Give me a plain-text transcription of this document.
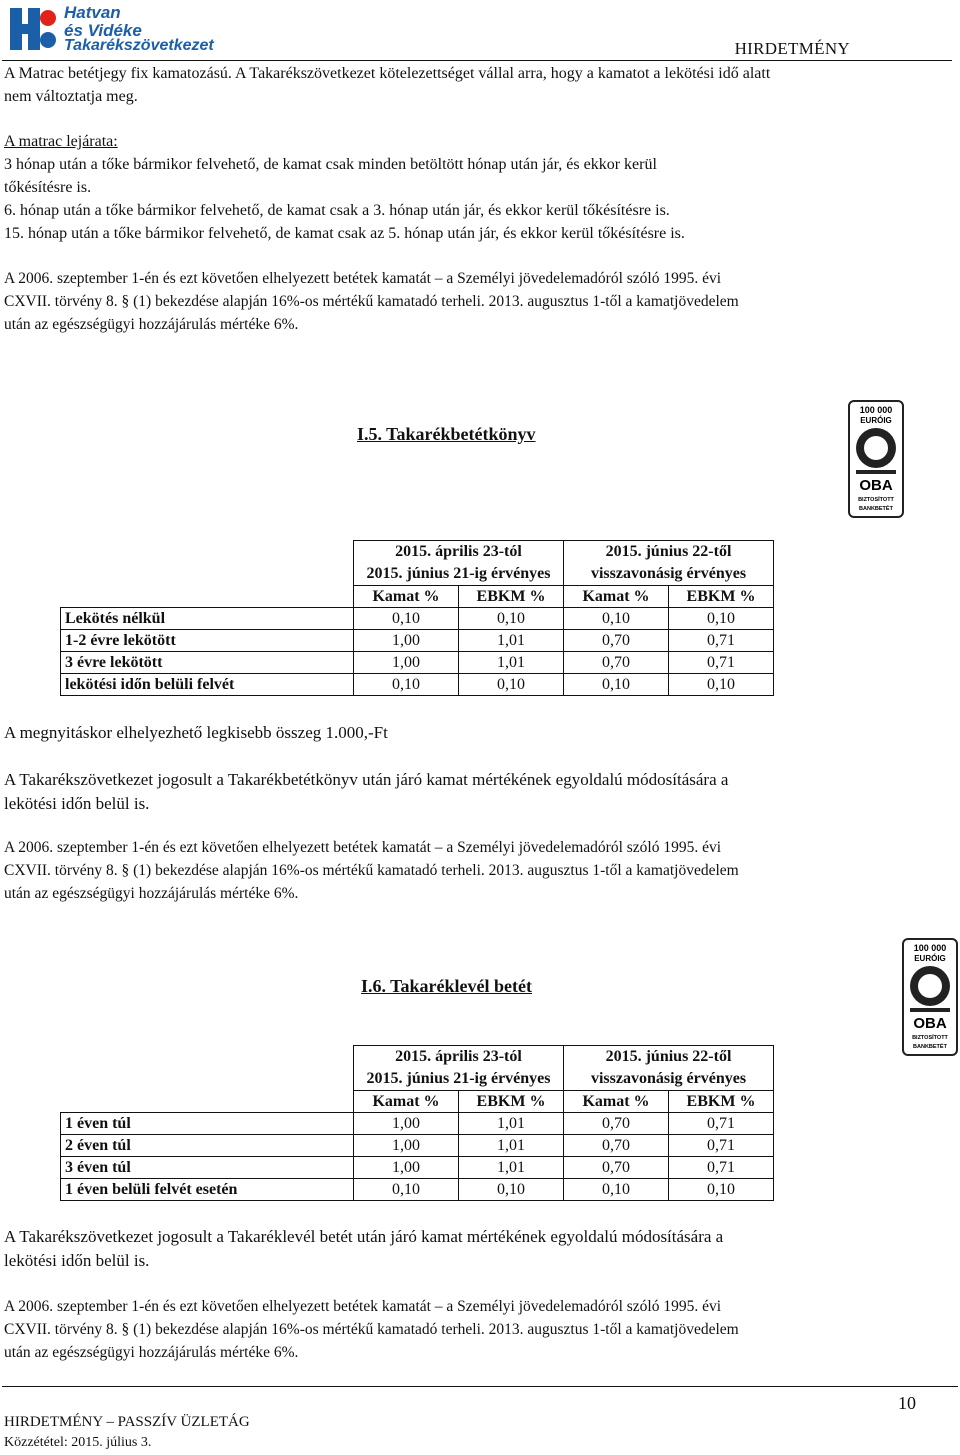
Hatvan
és Vidéke
Takarékszövetkezet	HIRDETMÉNY
A Matrac betétjegy fix kamatozású. A Takarékszövetkezet kötelezettséget vállal arra, hogy a kamatot a lekötési idő alatt
nem változtatja meg.
A matrac lejárata:
3 hónap után a tőke bármikor felvehető, de kamat csak minden betöltött hónap után jár, és ekkor kerül
tőkésítésre is.
6. hónap után a tőke bármikor felvehető, de kamat csak a 3. hónap után jár, és ekkor kerül tőkésítésre is.
15. hónap után a tőke bármikor felvehető, de kamat csak az 5. hónap után jár, és ekkor kerül tőkésítésre is.
A 2006. szeptember 1-én és ezt követően elhelyezett betétek kamatát – a Személyi jövedelemadóról szóló 1995. évi
CXVII. törvény 8. § (1) bekezdése alapján 16%-os mértékű kamatadó terheli. 2013. augusztus 1-től a kamatjövedelem
után az egészségügyi hozzájárulás mértéke 6%.
I.5. Takarékbetétkönyv
100 000
EURÓIG
OBA
BIZTOSÍTOTT
BANKBETÉT

	2015. április 23-tól
2015. június 21-ig érvényes		2015. június 22-től
visszavonásig érvényes	

	Kamat %	EBKM %	Kamat %	EBKM %
Lekötés nélkül	0,10	0,10	0,10	0,10
1-2 évre lekötött	1,00	1,01	0,70	0,71
3 évre lekötött	1,00	1,01	0,70	0,71
lekötési időn belüli felvét	0,10	0,10	0,10	0,10
A megnyitáskor elhelyezhető legkisebb összeg 1.000,-Ft
A Takarékszövetkezet jogosult a Takarékbetétkönyv után járó kamat mértékének egyoldalú módosítására a
lekötési időn belül is.
A 2006. szeptember 1-én és ezt követően elhelyezett betétek kamatát – a Személyi jövedelemadóról szóló 1995. évi
CXVII. törvény 8. § (1) bekezdése alapján 16%-os mértékű kamatadó terheli. 2013. augusztus 1-től a kamatjövedelem
után az egészségügyi hozzájárulás mértéke 6%.
I.6. Takaréklevél betét
100 000
EURÓIG
OBA
BIZTOSÍTOTT
BANKBETÉT

	2015. április 23-tól
2015. június 21-ig érvényes		2015. június 22-től
visszavonásig érvényes	

	Kamat %	EBKM %	Kamat %	EBKM %
1 éven túl	1,00	1,01	0,70	0,71
2 éven túl	1,00	1,01	0,70	0,71
3 éven túl	1,00	1,01	0,70	0,71
1 éven belüli felvét esetén	0,10	0,10	0,10	0,10
A Takarékszövetkezet jogosult a Takaréklevél betét után járó kamat mértékének egyoldalú módosítására a
lekötési időn belül is.
A 2006. szeptember 1-én és ezt követően elhelyezett betétek kamatát – a Személyi jövedelemadóról szóló 1995. évi
CXVII. törvény 8. § (1) bekezdése alapján 16%-os mértékű kamatadó terheli. 2013. augusztus 1-től a kamatjövedelem
után az egészségügyi hozzájárulás mértéke 6%.
10
HIRDETMÉNY – PASSZÍV ÜZLETÁG
Közzététel: 2015. július 3.
